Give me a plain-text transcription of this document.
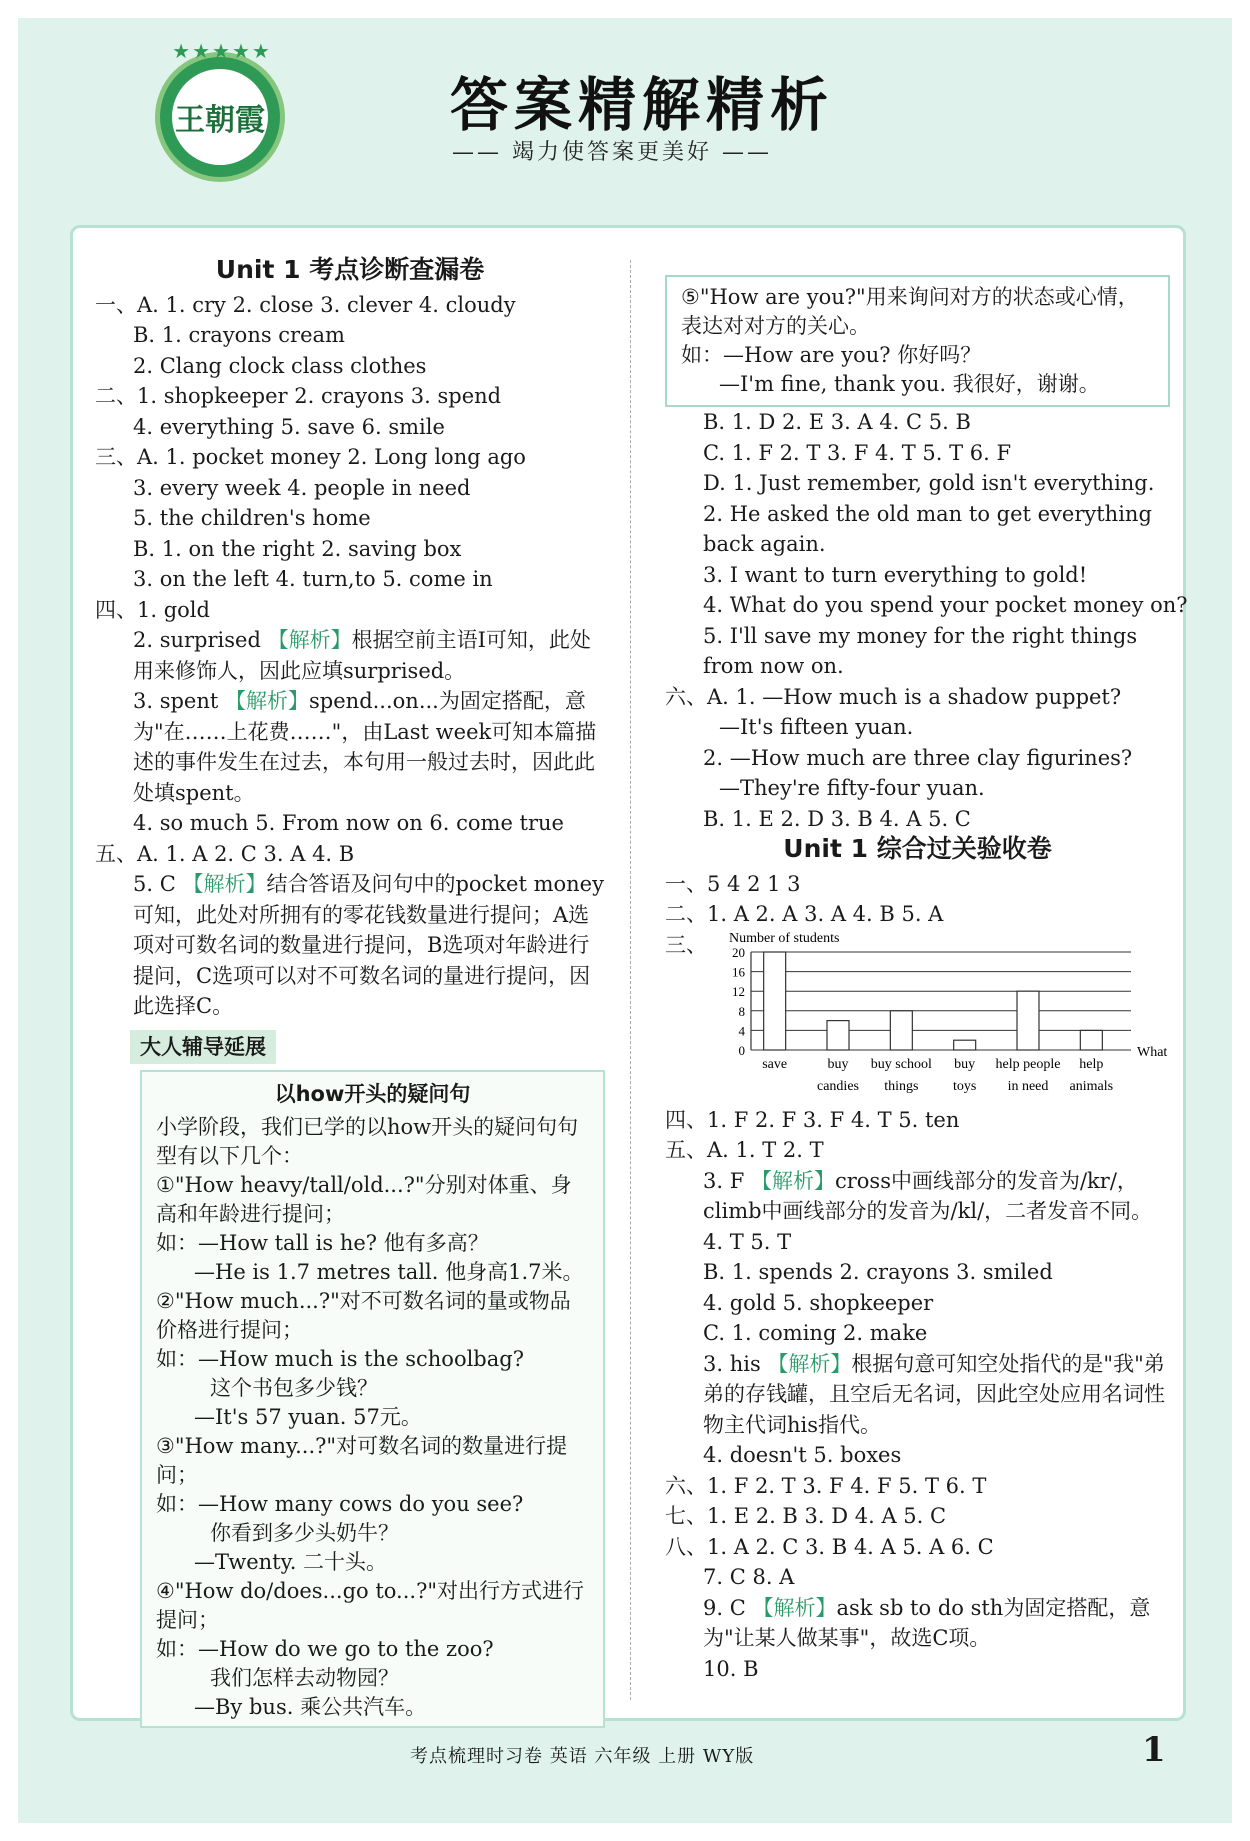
★★★★★
王朝霞	答案精解精析
—— 竭力使答案更美好 ——
Unit 1 考点诊断查漏卷
一、A. 1. cry 2. close 3. clever 4. cloudy
B. 1. crayons cream
2. Clang clock class clothes
二、1. shopkeeper 2. crayons 3. spend
4. everything 5. save 6. smile
三、A. 1. pocket money 2. Long long ago
3. every week 4. people in need
5. the children's home
B. 1. on the right 2. saving box
3. on the left 4. turn,to 5. come in
四、1. gold
2. surprised 【解析】根据空前主语I可知，此处用来修饰人，因此应填surprised。
3. spent 【解析】spend...on...为固定搭配，意为"在……上花费……"，由Last week可知本篇描述的事件发生在过去，本句用一般过去时，因此此处填spent。
4. so much 5. From now on 6. come true
五、A. 1. A 2. C 3. A 4. B
5. C 【解析】结合答语及问句中的pocket money可知，此处对所拥有的零花钱数量进行提问；A选项对可数名词的数量进行提问，B选项对年龄进行提问，C选项可以对不可数名词的量进行提问，因此选择C。
大人辅导延展
以how开头的疑问句
小学阶段，我们已学的以how开头的疑问句句型有以下几个：
①"How heavy/tall/old...?"分别对体重、身高和年龄进行提问；
如：—How tall is he? 他有多高？
—He is 1.7 metres tall. 他身高1.7米。
②"How much...?"对不可数名词的量或物品价格进行提问；
如：—How much is the schoolbag?
这个书包多少钱？
—It's 57 yuan. 57元。
③"How many...?"对可数名词的数量进行提问；
如：—How many cows do you see?
你看到多少头奶牛？
—Twenty. 二十头。
④"How do/does...go to...?"对出行方式进行提问；
如：—How do we go to the zoo?
我们怎样去动物园？
—By bus. 乘公共汽车。
⑤"How are you?"用来询问对方的状态或心情，表达对对方的关心。
如：—How are you? 你好吗？
—I'm fine, thank you. 我很好，谢谢。
B. 1. D 2. E 3. A 4. C 5. B
C. 1. F 2. T 3. F 4. T 5. T 6. F
D. 1. Just remember, gold isn't everything.
2. He asked the old man to get everything back again.
3. I want to turn everything to gold!
4. What do you spend your pocket money on?
5. I'll save my money for the right things from now on.
六、A. 1. —How much is a shadow puppet?
—It's fifteen yuan.
2. —How much are three clay figurines?
—They're fifty-four yuan.
B. 1. E 2. D 3. B 4. A 5. C
Unit 1 综合过关验收卷
一、5 4 2 1 3
二、1. A 2. A 3. A 4. B 5. A
三、 Number of students
0
4
8
12
16
20
save	buy
candies
buy school
things
buy
toys
help people
in need
help
animals
What
四、1. F 2. F 3. F 4. T 5. ten
五、A. 1. T 2. T
3. F 【解析】cross中画线部分的发音为/kr/，climb中画线部分的发音为/kl/，二者发音不同。
4. T 5. T
B. 1. spends 2. crayons 3. smiled
4. gold 5. shopkeeper
C. 1. coming 2. make
3. his 【解析】根据句意可知空处指代的是"我"弟弟的存钱罐，且空后无名词，因此空处应用名词性物主代词his指代。
4. doesn't 5. boxes
六、1. F 2. T 3. F 4. F 5. T 6. T
七、1. E 2. B 3. D 4. A 5. C
八、1. A 2. C 3. B 4. A 5. A 6. C
7. C 8. A
9. C 【解析】ask sb to do sth为固定搭配，意为"让某人做某事"，故选C项。
10. B
考点梳理时习卷 英语 六年级 上册 WY版	1
